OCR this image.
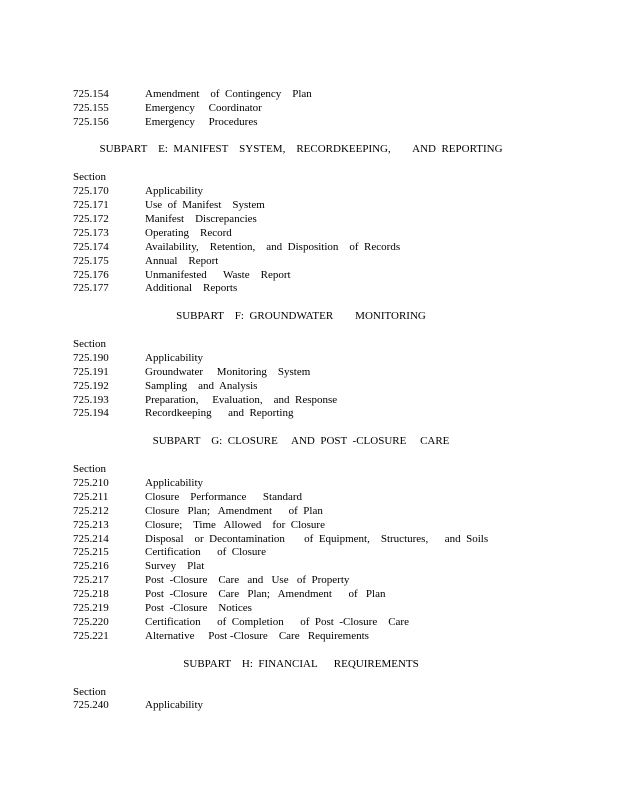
725.154	Amendment    of  Contingency    Plan
725.155	Emergency     Coordinator
725.156	Emergency     Procedures
SUBPART    E:  MANIFEST    SYSTEM,    RECORDKEEPING,        AND  REPORTING
Section
725.170	Applicability
725.171	Use  of  Manifest    System
725.172	Manifest    Discrepancies
725.173	Operating    Record
725.174	Availability,    Retention,    and  Disposition    of  Records
725.175	Annual    Report
725.176	Unmanifested      Waste    Report
725.177	Additional    Reports
SUBPART    F:  GROUNDWATER        MONITORING
Section
725.190	Applicability
725.191	Groundwater     Monitoring    System
725.192	Sampling    and  Analysis
725.193	Preparation,     Evaluation,    and  Response
725.194	Recordkeeping      and  Reporting
SUBPART    G:  CLOSURE     AND  POST  -CLOSURE     CARE
Section
725.210	Applicability
725.211	Closure    Performance      Standard
725.212	Closure   Plan;   Amendment      of  Plan
725.213	Closure;    Time   Allowed    for  Closure
725.214	Disposal    or  Decontamination       of  Equipment,    Structures,      and  Soils
725.215	Certification      of  Closure
725.216	Survey    Plat
725.217	Post  -Closure    Care   and   Use   of  Property
725.218	Post  -Closure    Care   Plan;   Amendment      of   Plan
725.219	Post  -Closure    Notices
725.220	Certification      of  Completion      of  Post  -Closure    Care
725.221	Alternative     Post -Closure    Care   Requirements
SUBPART    H:  FINANCIAL      REQUIREMENTS
Section
725.240	Applicability
